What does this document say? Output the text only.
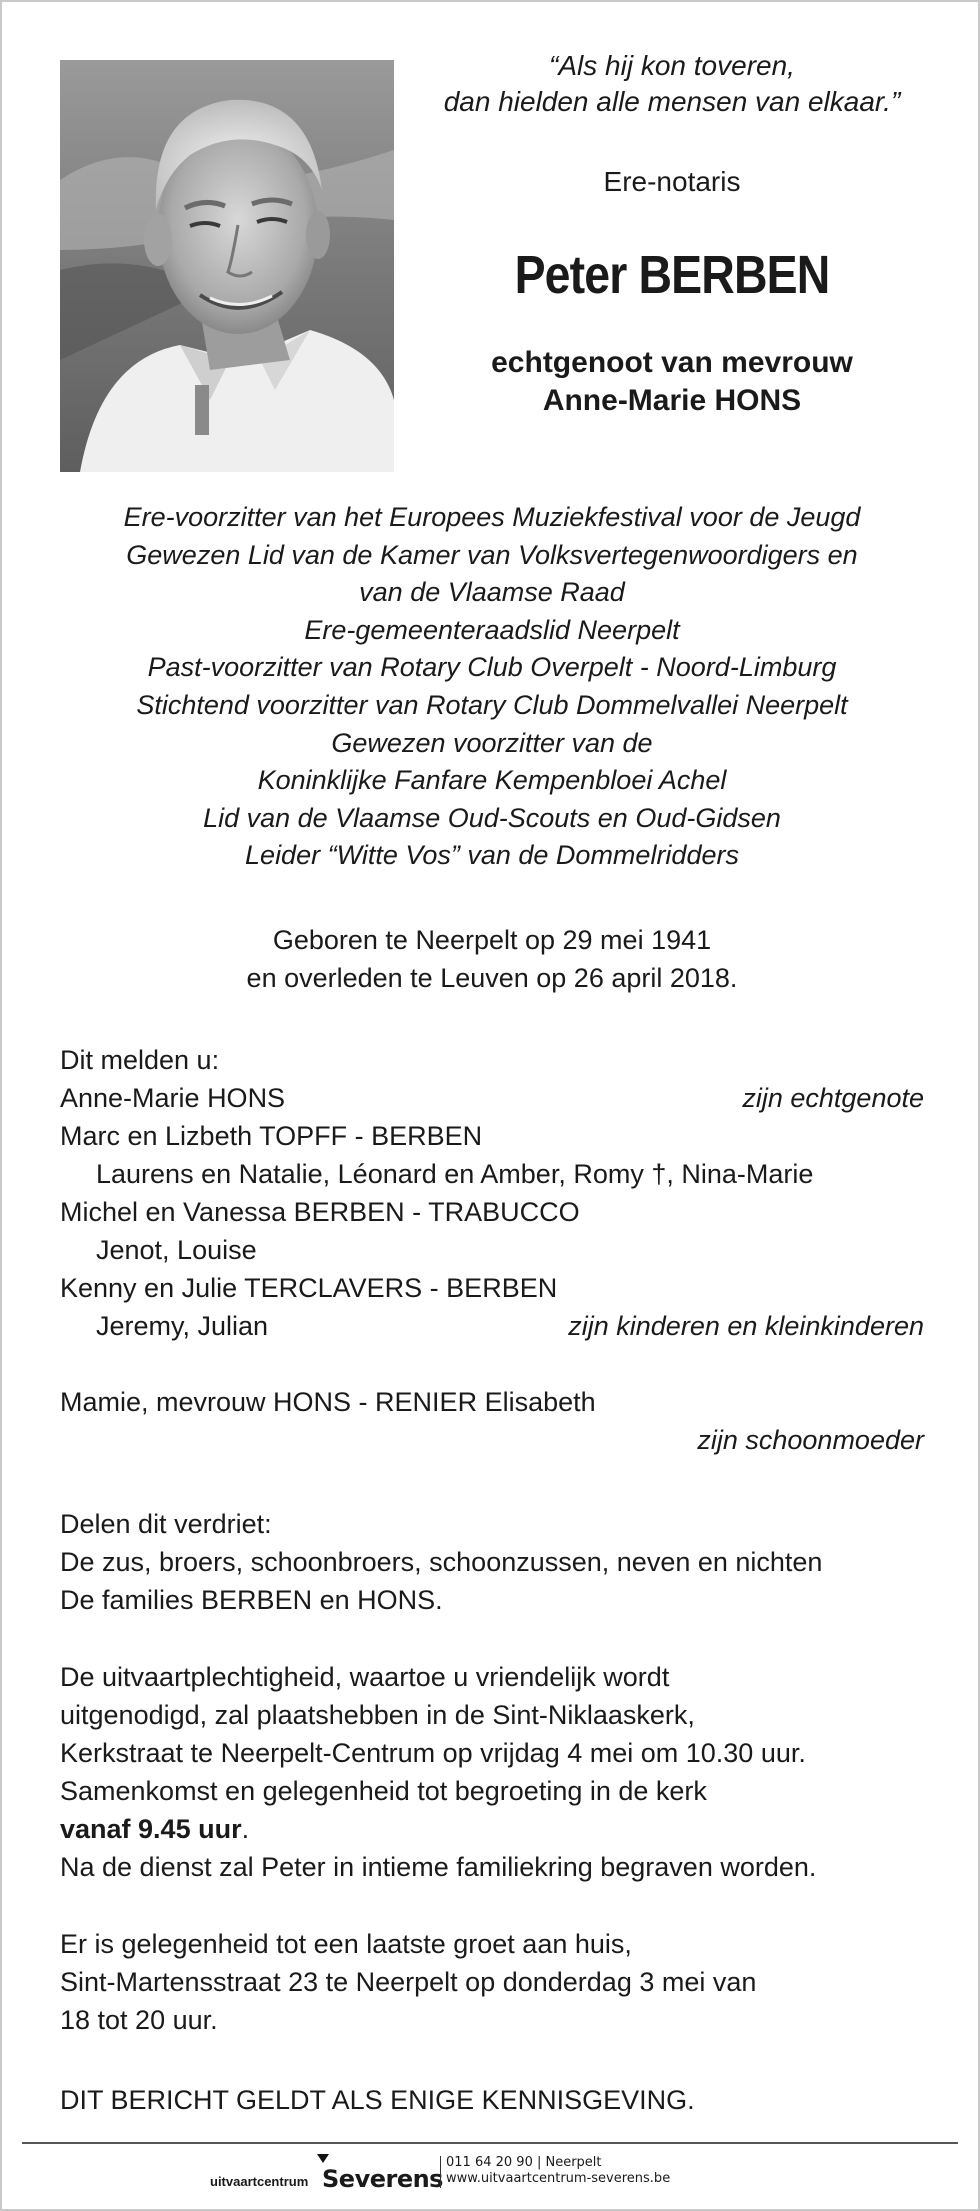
“Als hij kon toveren,
dan hielden alle mensen van elkaar.”
Ere-notaris
Peter BERBEN
echtgenoot van mevrouw
Anne-Marie HONS
Ere-voorzitter van het Europees Muziekfestival voor de Jeugd
Gewezen Lid van de Kamer van Volksvertegenwoordigers en
van de Vlaamse Raad
Ere-gemeenteraadslid Neerpelt
Past-voorzitter van Rotary Club Overpelt - Noord-Limburg
Stichtend voorzitter van Rotary Club Dommelvallei Neerpelt
Gewezen voorzitter van de
Koninklijke Fanfare Kempenbloei Achel
Lid van de Vlaamse Oud-Scouts en Oud-Gidsen
Leider “Witte Vos” van de Dommelridders
Geboren te Neerpelt op 29 mei 1941
en overleden te Leuven op 26 april 2018.
Dit melden u:
Anne-Marie HONS	zijn echtgenote
Marc en Lizbeth TOPFF - BERBEN
Laurens en Natalie, Léonard en Amber, Romy †, Nina-Marie
Michel en Vanessa BERBEN - TRABUCCO
Jenot, Louise
Kenny en Julie TERCLAVERS - BERBEN
Jeremy, Julian	zijn kinderen en kleinkinderen
Mamie, mevrouw HONS - RENIER Elisabeth
zijn schoonmoeder
Delen dit verdriet:
De zus, broers, schoonbroers, schoonzussen, neven en nichten
De families BERBEN en HONS.
De uitvaartplechtigheid, waartoe u vriendelijk wordt
uitgenodigd, zal plaatshebben in de Sint-Niklaaskerk,
Kerkstraat te Neerpelt-Centrum op vrijdag 4 mei om 10.30 uur.
Samenkomst en gelegenheid tot begroeting in de kerk
vanaf 9.45 uur.
Na de dienst zal Peter in intieme familiekring begraven worden.
Er is gelegenheid tot een laatste groet aan huis,
Sint-Martensstraat 23 te Neerpelt op donderdag 3 mei van
18 tot 20 uur.
DIT BERICHT GELDT ALS ENIGE KENNISGEVING.
uitvaartcentrum Severens
011 64 20 90 | Neerpelt
www.uitvaartcentrum-severens.be
